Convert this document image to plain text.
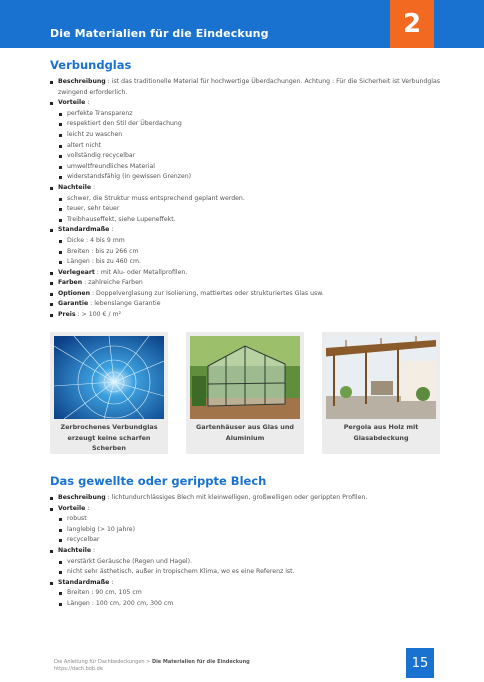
Die Materialien für die Eindeckung	2
Verbundglas
Beschreibung : ist das traditionelle Material für hochwertige Überdachungen. Achtung : Für die Sicherheit ist Verbundglas zwingend erforderlich.
Vorteile :
perfekte Transparenz
respektiert den Stil der Überdachung
leicht zu waschen
altert nicht
vollständig recycelbar
umweltfreundliches Material
widerstandsfähig (in gewissen Grenzen)
Nachteile :
schwer, die Struktur muss entsprechend geplant werden.
teuer, sehr teuer
Treibhauseffekt, siehe Lupeneffekt.
Standardmaße :
Dicke : 4 bis 9 mm
Breiten : bis zu 266 cm
Längen : bis zu 460 cm.
Verlegeart : mit Alu- oder Metallprofilen.
Farben : zahlreiche Farben
Optionen : Doppelverglasung zur Isolierung, mattiertes oder strukturiertes Glas usw.
Garantie : lebenslange Garantie
Preis : > 100 € / m²
Zerbrochenes Verbundglas erzeugt keine scharfen Scherben
Gartenhäuser aus Glas und Aluminium
Pergola aus Holz mit Glasabdeckung
Das gewellte oder gerippte Blech
Beschreibung : lichtundurchlässiges Blech mit kleinwelligen, großwelligen oder gerippten Profilen.
Vorteile :
robust
langlebig (> 10 Jahre)
recycelbar
Nachteile :
verstärkt Geräusche (Regen und Hagel).
nicht sehr ästhetisch, außer in tropischem Klima, wo es eine Referenz ist.
Standardmaße :
Breiten : 90 cm, 105 cm
Längen : 100 cm, 200 cm, 300 cm
Die Anleitung für Dachbedeckungen > Die Materialien für die Eindeckung
https://dach.bob.de	15
